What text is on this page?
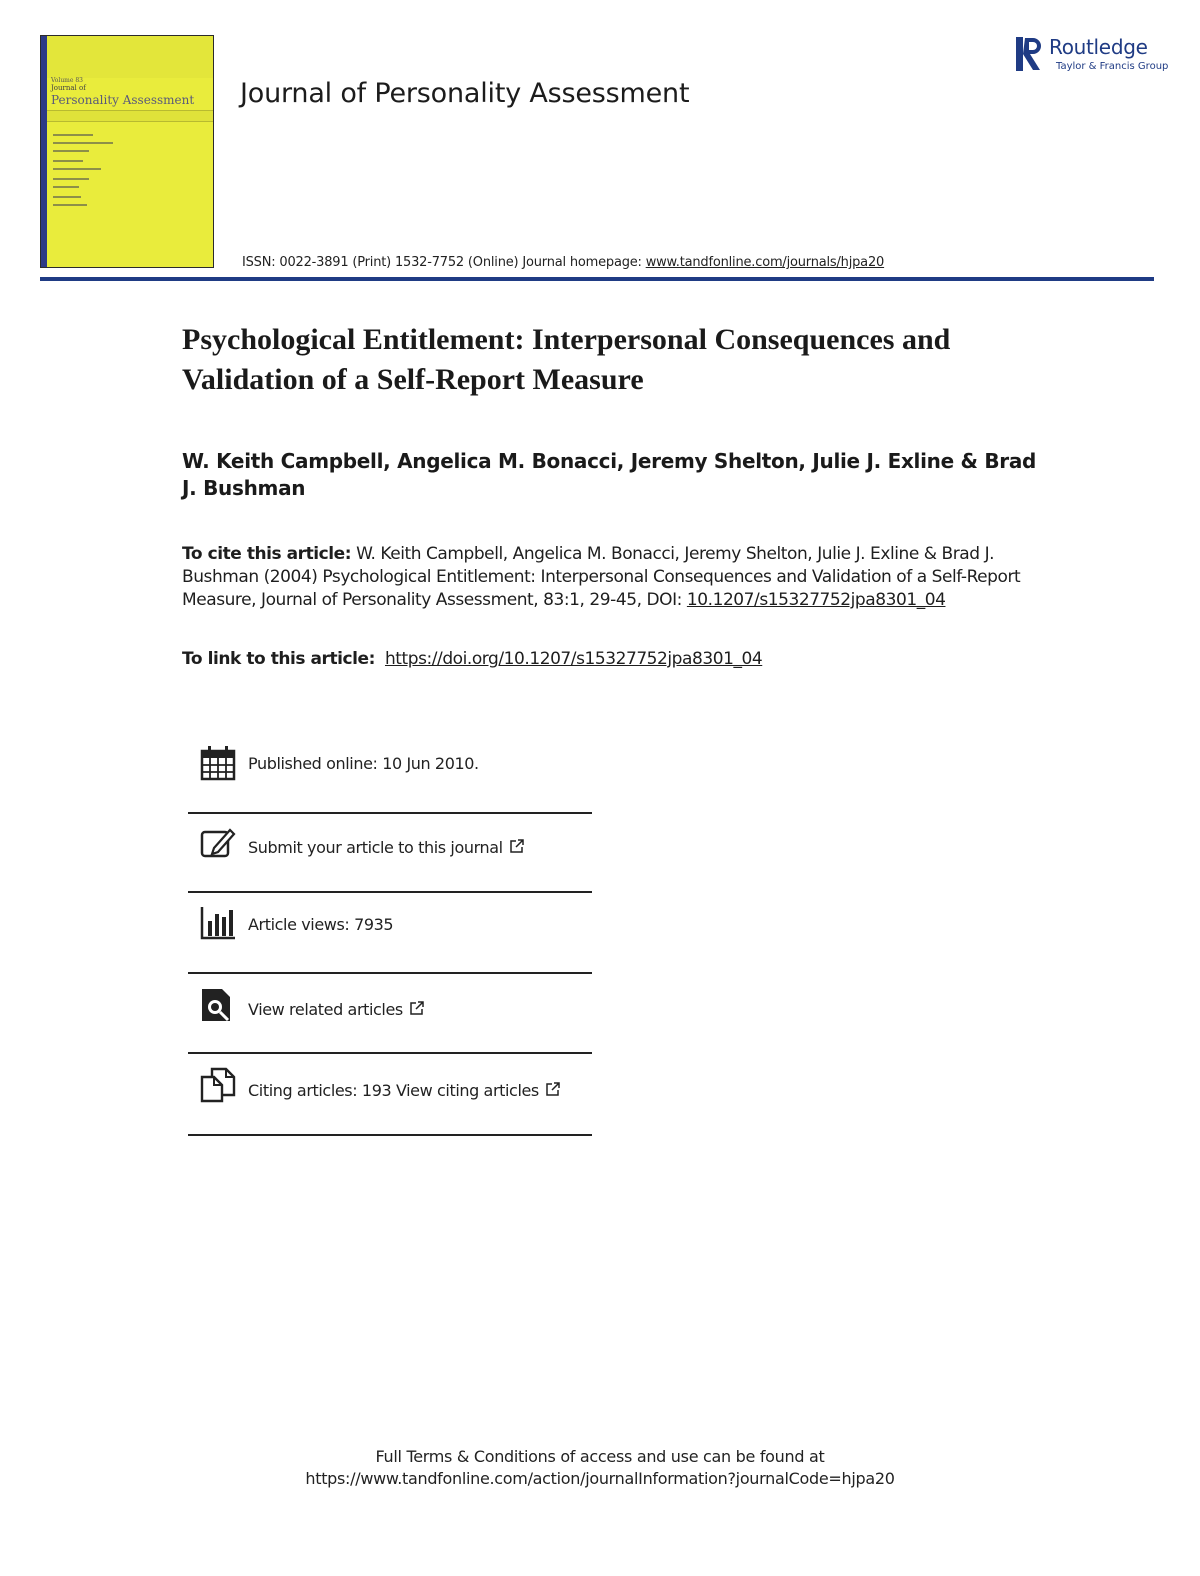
Volume 83
Journal of
Personality Assessment Journal of Personality Assessment
Routledge
Taylor & Francis Group
ISSN: 0022-3891 (Print) 1532-7752 (Online) Journal homepage: www.tandfonline.com/journals/hjpa20
Psychological Entitlement: Interpersonal Consequences and Validation of a Self-Report Measure
W. Keith Campbell, Angelica M. Bonacci, Jeremy Shelton, Julie J. Exline & Brad J. Bushman
To cite this article: W. Keith Campbell, Angelica M. Bonacci, Jeremy Shelton, Julie J. Exline & Brad J. Bushman (2004) Psychological Entitlement: Interpersonal Consequences and Validation of a Self-Report Measure, Journal of Personality Assessment, 83:1, 29-45, DOI: 10.1207/s15327752jpa8301_04
To link to this article: https://doi.org/10.1207/s15327752jpa8301_04
Published online: 10 Jun 2010.
Submit your article to this journal
Article views: 7935
View related articles
Citing articles: 193 View citing articles
Full Terms & Conditions of access and use can be found at
https://www.tandfonline.com/action/journalInformation?journalCode=hjpa20
